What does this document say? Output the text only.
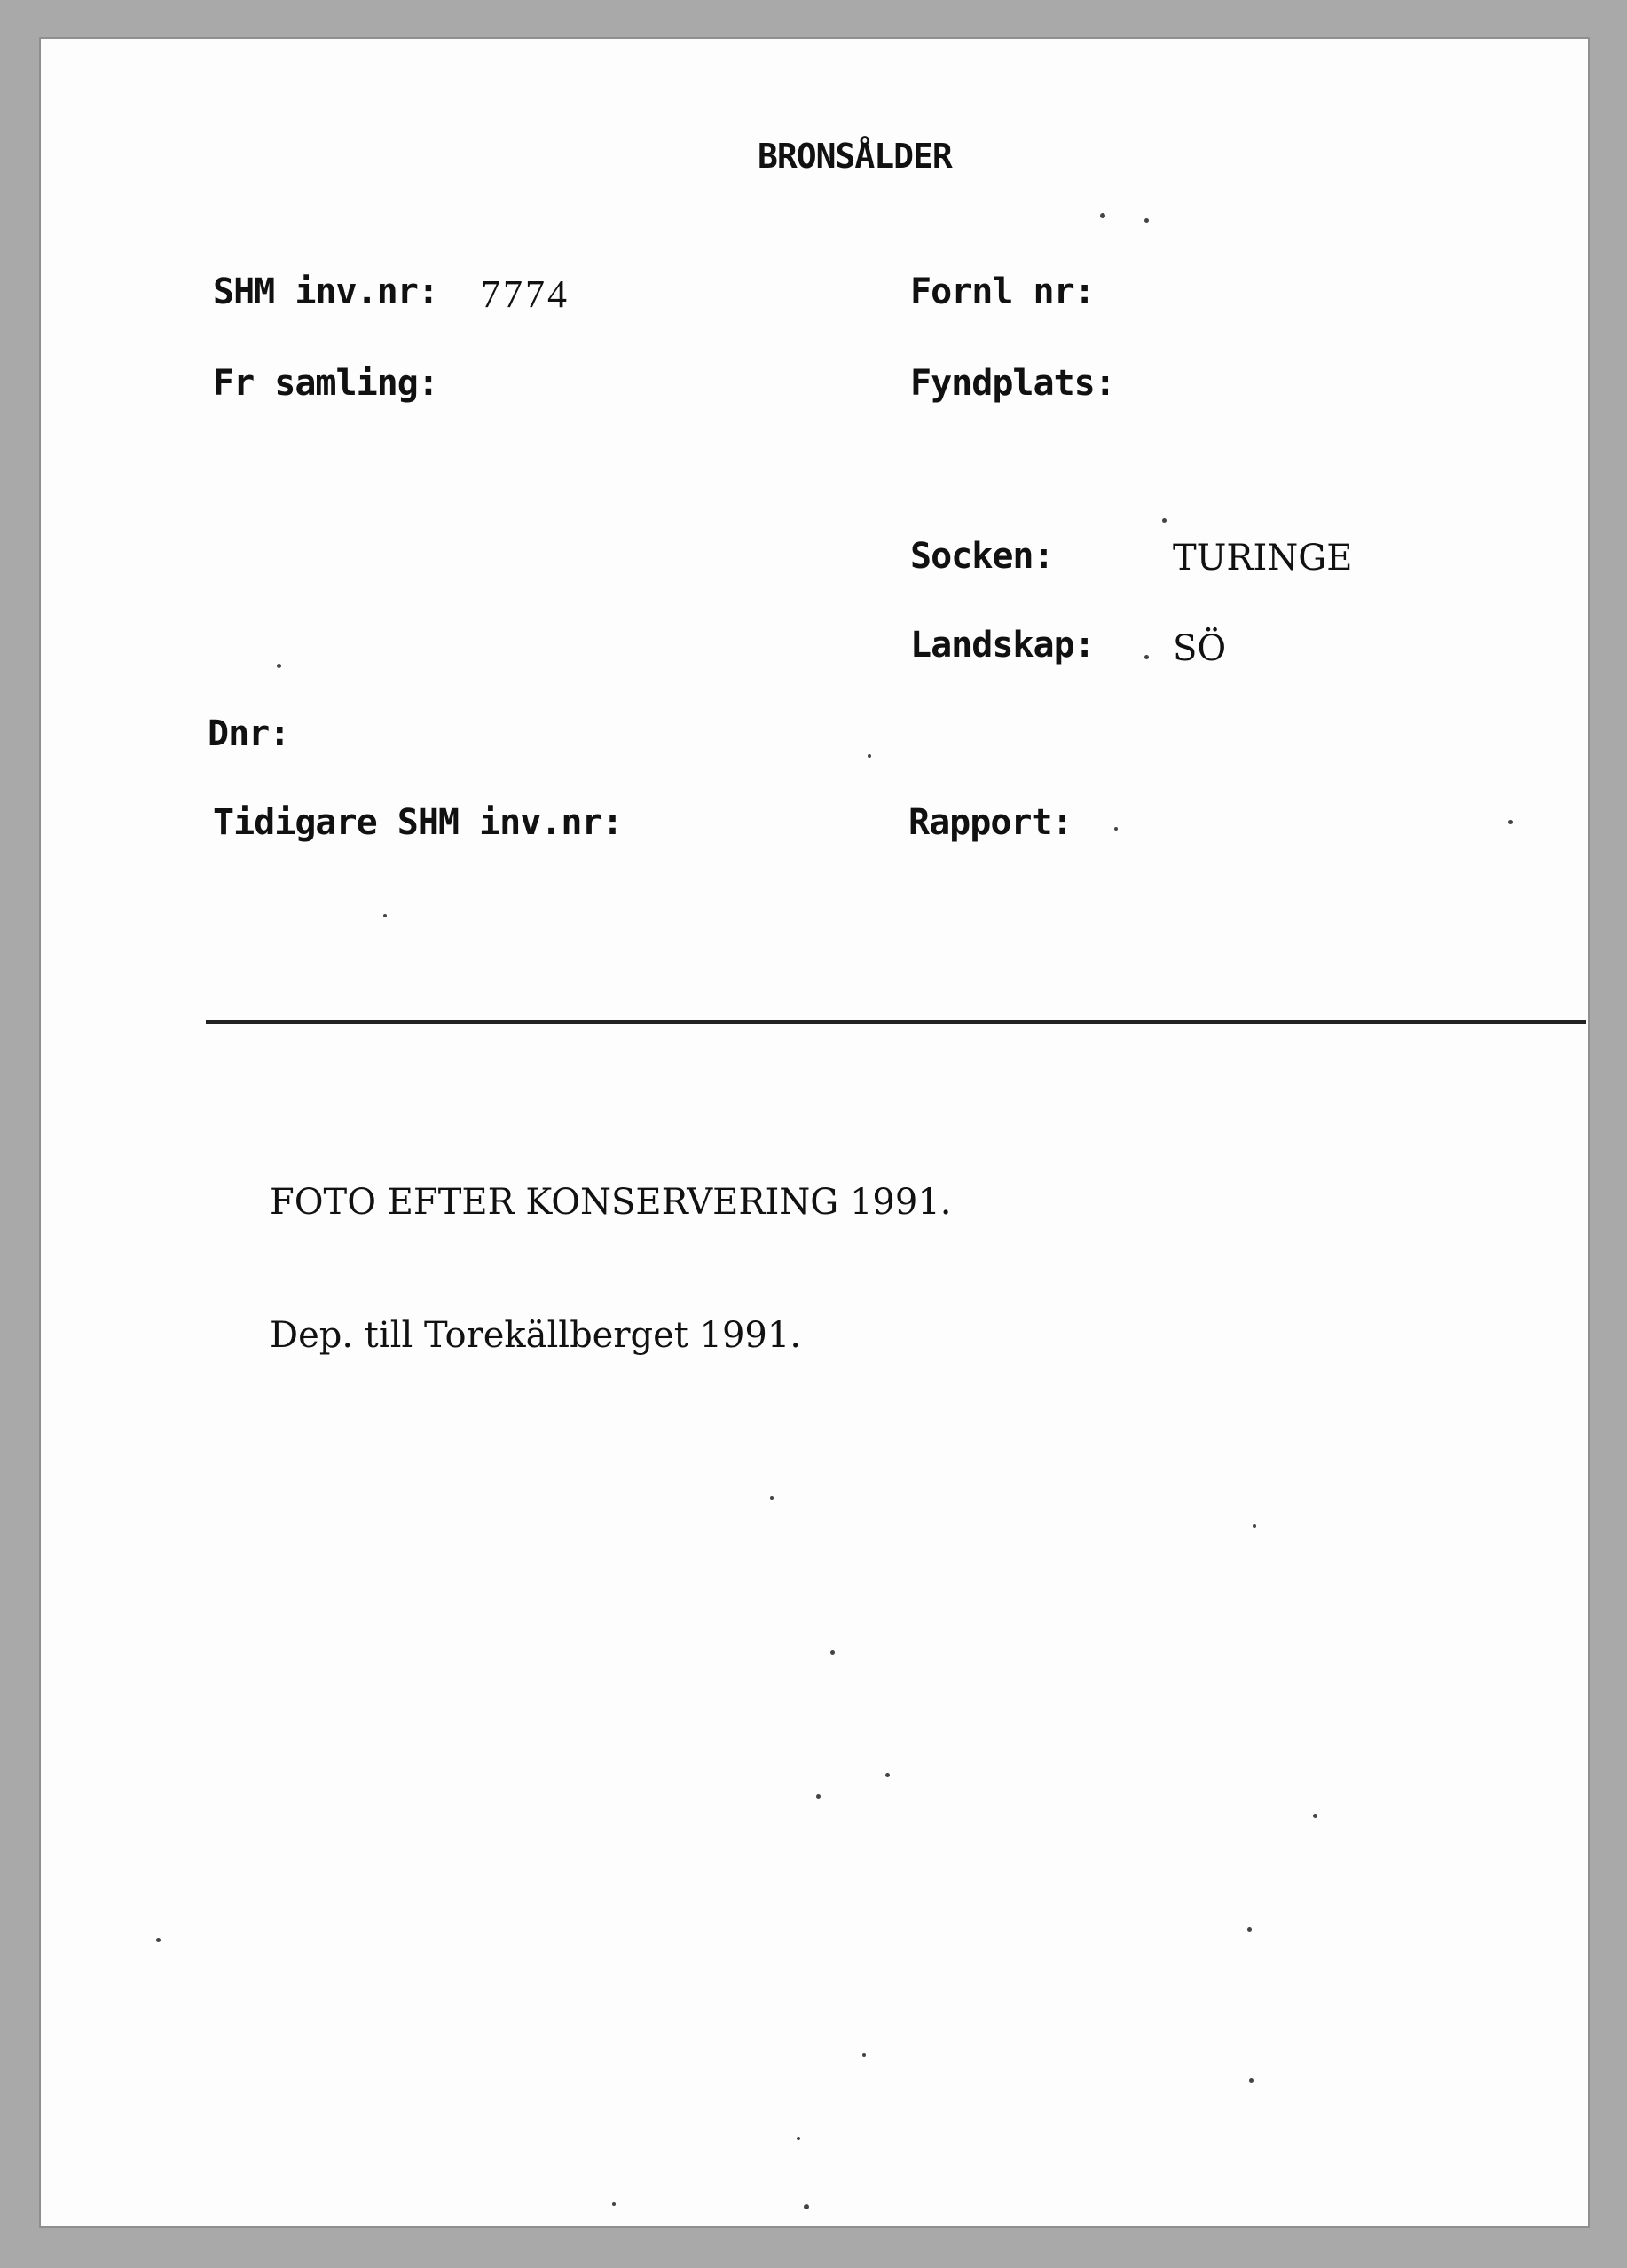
BRONSÅLDER
SHM inv.nr: 7774	Fornl nr:
Fr samling:	Fyndplats:
Socken:	TURINGE
Landskap: SÖ
Dnr:
Tidigare SHM inv.nr:	Rapport:
FOTO EFTER KONSERVERING 1991.
Dep. till Torekällberget 1991.
